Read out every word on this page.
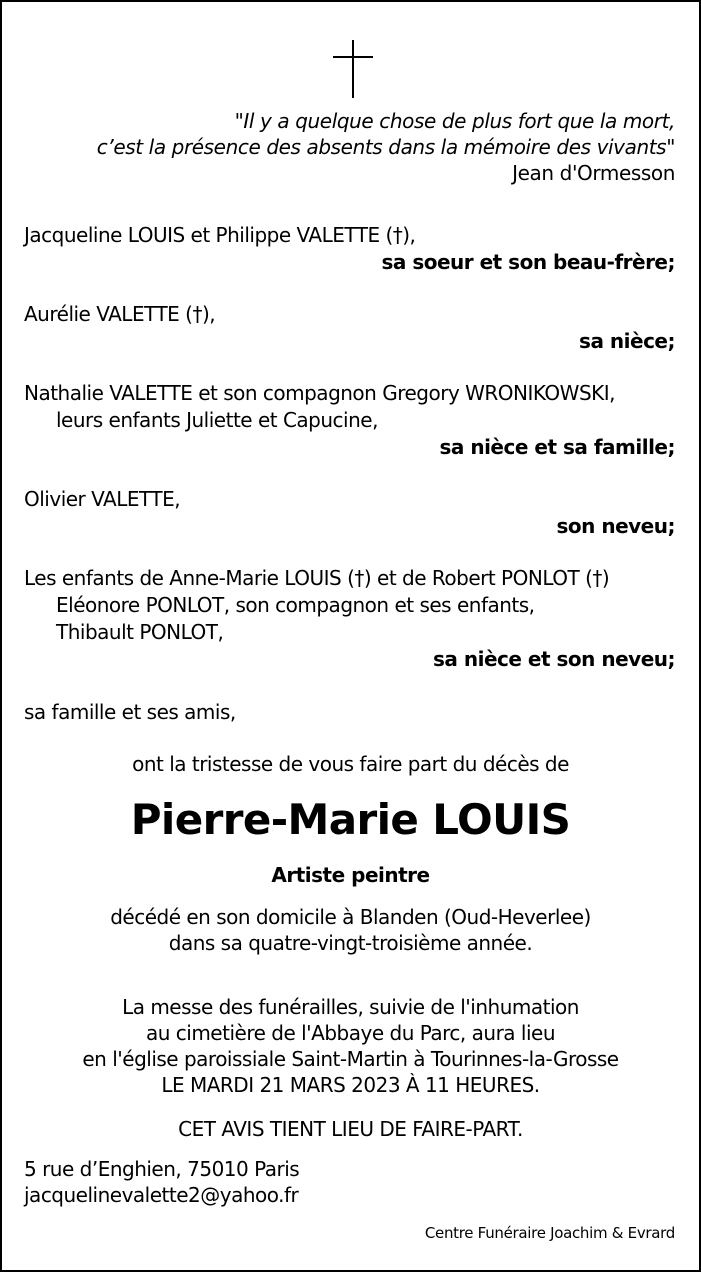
"Il y a quelque chose de plus fort que la mort,
c’est la présence des absents dans la mémoire des vivants"
Jean d'Ormesson
Jacqueline LOUIS et Philippe VALETTE (†),
sa soeur et son beau-frère;
Aurélie VALETTE (†),
sa nièce;
Nathalie VALETTE et son compagnon Gregory WRONIKOWSKI,
leurs enfants Juliette et Capucine,
sa nièce et sa famille;
Olivier VALETTE,
son neveu;
Les enfants de Anne-Marie LOUIS (†) et de Robert PONLOT (†)
Eléonore PONLOT, son compagnon et ses enfants,
Thibault PONLOT,
sa nièce et son neveu;
sa famille et ses amis,
ont la tristesse de vous faire part du décès de
Pierre-Marie LOUIS
Artiste peintre
décédé en son domicile à Blanden (Oud-Heverlee)
dans sa quatre-vingt-troisième année.
La messe des funérailles, suivie de l'inhumation
au cimetière de l'Abbaye du Parc, aura lieu
en l'église paroissiale Saint-Martin à Tourinnes-la-Grosse
LE MARDI 21 MARS 2023 À 11 HEURES.
CET AVIS TIENT LIEU DE FAIRE-PART.
5 rue d’Enghien, 75010 Paris
jacquelinevalette2@yahoo.fr
Centre Funéraire Joachim & Evrard
